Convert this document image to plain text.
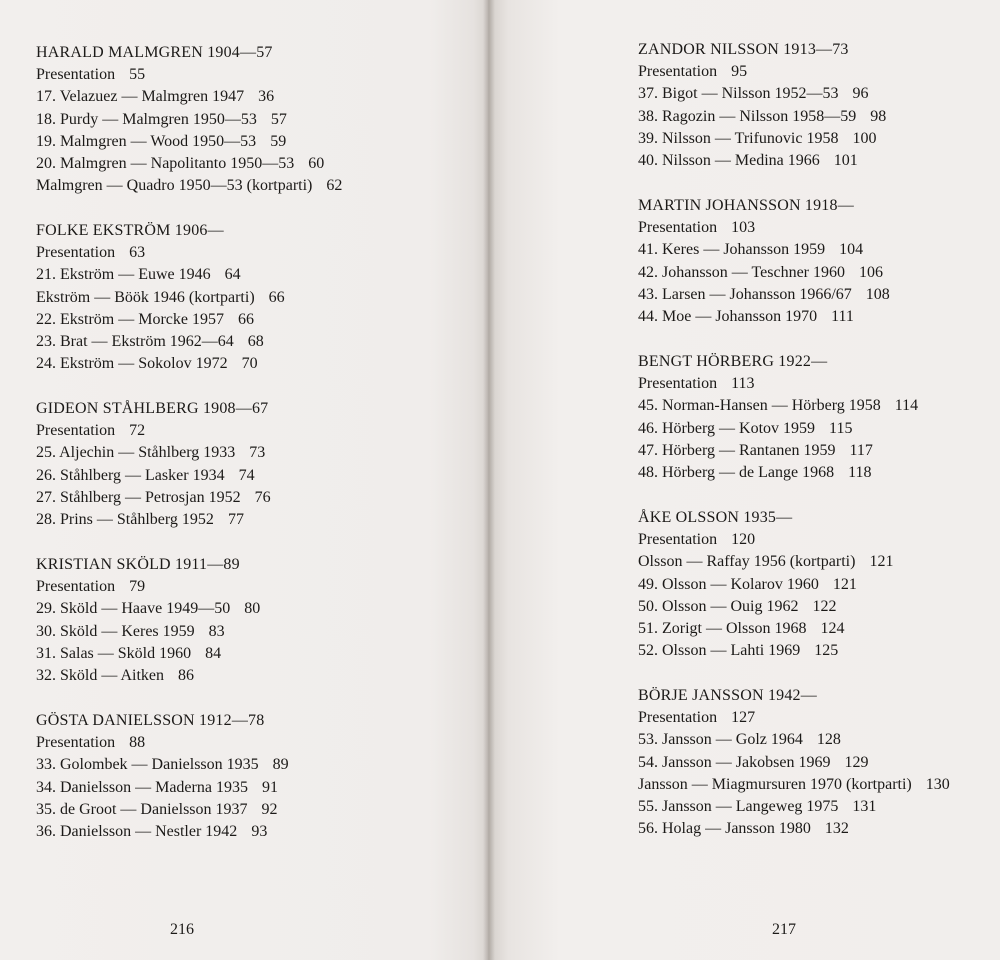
HARALD MALMGREN 1904—57
Presentation 55
17. Velazuez — Malmgren 1947 36
18. Purdy — Malmgren 1950—53 57
19. Malmgren — Wood 1950—53 59
20. Malmgren — Napolitanto 1950—53 60
Malmgren — Quadro 1950—53 (kortparti) 62
FOLKE EKSTRÖM 1906—
Presentation 63
21. Ekström — Euwe 1946 64
Ekström — Böök 1946 (kortparti) 66
22. Ekström — Morcke 1957 66
23. Brat — Ekström 1962—64 68
24. Ekström — Sokolov 1972 70
GIDEON STÅHLBERG 1908—67
Presentation 72
25. Aljechin — Ståhlberg 1933 73
26. Ståhlberg — Lasker 1934 74
27. Ståhlberg — Petrosjan 1952 76
28. Prins — Ståhlberg 1952 77
KRISTIAN SKÖLD 1911—89
Presentation 79
29. Sköld — Haave 1949—50 80
30. Sköld — Keres 1959 83
31. Salas — Sköld 1960 84
32. Sköld — Aitken 86
GÖSTA DANIELSSON 1912—78
Presentation 88
33. Golombek — Danielsson 1935 89
34. Danielsson — Maderna 1935 91
35. de Groot — Danielsson 1937 92
36. Danielsson — Nestler 1942 93
216
ZANDOR NILSSON 1913—73
Presentation 95
37. Bigot — Nilsson 1952—53 96
38. Ragozin — Nilsson 1958—59 98
39. Nilsson — Trifunovic 1958 100
40. Nilsson — Medina 1966 101
MARTIN JOHANSSON 1918—
Presentation 103
41. Keres — Johansson 1959 104
42. Johansson — Teschner 1960 106
43. Larsen — Johansson 1966/67 108
44. Moe — Johansson 1970 111
BENGT HÖRBERG 1922—
Presentation 113
45. Norman-Hansen — Hörberg 1958 114
46. Hörberg — Kotov 1959 115
47. Hörberg — Rantanen 1959 117
48. Hörberg — de Lange 1968 118
ÅKE OLSSON 1935—
Presentation 120
Olsson — Raffay 1956 (kortparti) 121
49. Olsson — Kolarov 1960 121
50. Olsson — Ouig 1962 122
51. Zorigt — Olsson 1968 124
52. Olsson — Lahti 1969 125
BÖRJE JANSSON 1942—
Presentation 127
53. Jansson — Golz 1964 128
54. Jansson — Jakobsen 1969 129
Jansson — Miagmursuren 1970 (kortparti) 130
55. Jansson — Langeweg 1975 131
56. Holag — Jansson 1980 132
217
